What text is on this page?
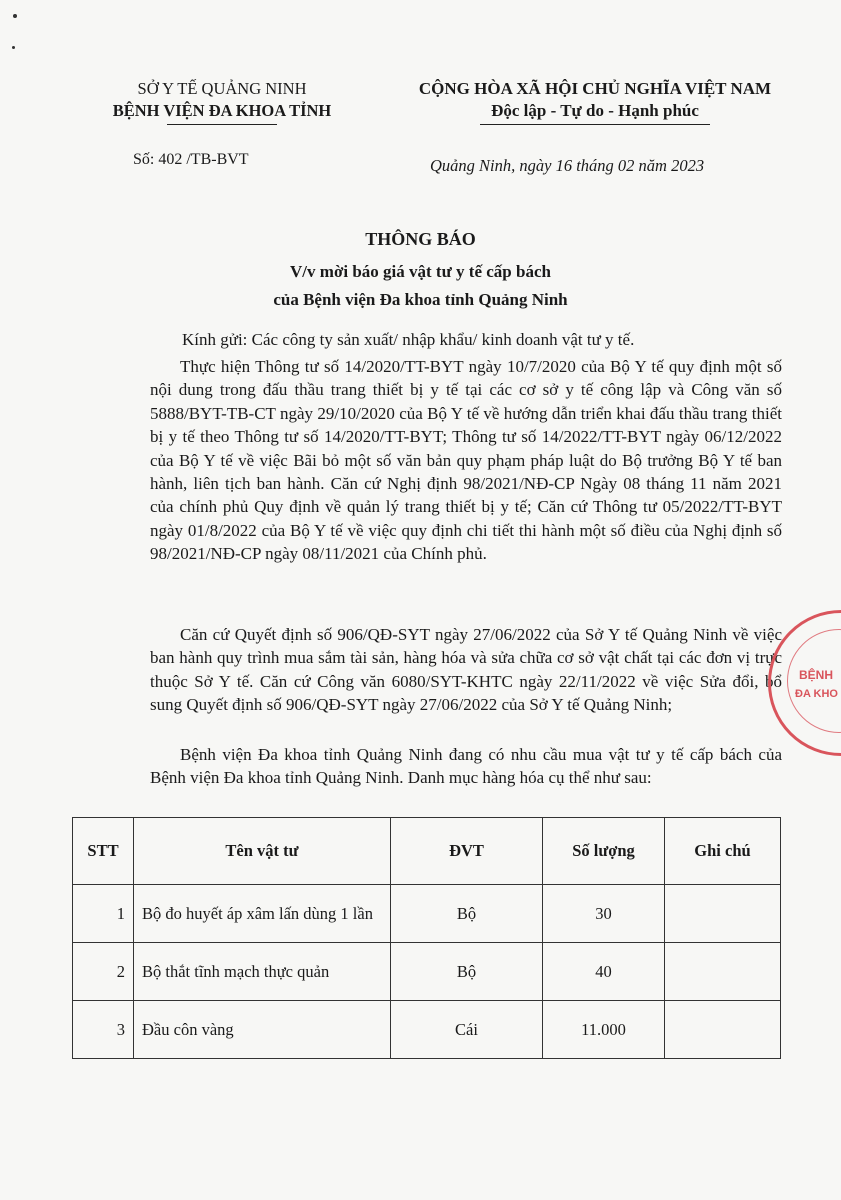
SỞ Y TẾ QUẢNG NINH
BỆNH VIỆN ĐA KHOA TỈNH
CỘNG HÒA XÃ HỘI CHỦ NGHĨA VIỆT NAM
Độc lập - Tự do - Hạnh phúc
Số: 402 /TB-BVT	Quảng Ninh, ngày 16 tháng 02 năm 2023
THÔNG BÁO
V/v mời báo giá vật tư y tế cấp bách
của Bệnh viện Đa khoa tỉnh Quảng Ninh
Kính gửi: Các công ty sản xuất/ nhập khẩu/ kinh doanh vật tư y tế.

Thực hiện Thông tư số 14/2020/TT-BYT ngày 10/7/2020 của Bộ Y tế quy định một số nội dung trong đấu thầu trang thiết bị y tế tại các cơ sở y tế công lập và Công văn số 5888/BYT-TB-CT ngày 29/10/2020 của Bộ Y tế về hướng dẫn triển khai đấu thầu trang thiết bị y tế theo Thông tư số 14/2020/TT-BYT; Thông tư số 14/2022/TT-BYT ngày 06/12/2022 của Bộ Y tế về việc Bãi bỏ một số văn bản quy phạm pháp luật do Bộ trưởng Bộ Y tế ban hành, liên tịch ban hành. Căn cứ Nghị định 98/2021/NĐ-CP Ngày 08 tháng 11 năm 2021 của chính phủ Quy định về quản lý trang thiết bị y tế; Căn cứ Thông tư 05/2022/TT-BYT ngày 01/8/2022 của Bộ Y tế về việc quy định chi tiết thi hành một số điều của Nghị định số 98/2021/NĐ-CP ngày 08/11/2021 của Chính phủ.

Căn cứ Quyết định số 906/QĐ-SYT ngày 27/06/2022 của Sở Y tế Quảng Ninh về việc ban hành quy trình mua sắm tài sản, hàng hóa và sửa chữa cơ sở vật chất tại các đơn vị trực thuộc Sở Y tế. Căn cứ Công văn 6080/SYT-KHTC ngày 22/11/2022 về việc Sửa đổi, bổ sung Quyết định số 906/QĐ-SYT ngày 27/06/2022 của Sở Y tế Quảng Ninh;

Bệnh viện Đa khoa tỉnh Quảng Ninh đang có nhu cầu mua vật tư y tế cấp bách của Bệnh viện Đa khoa tỉnh Quảng Ninh. Danh mục hàng hóa cụ thể như sau:

STT	Tên vật tư	ĐVT	Số lượng	Ghi chú
1	Bộ đo huyết áp xâm lấn dùng 1 lần	Bộ	30	
2	Bộ thắt tĩnh mạch thực quản	Bộ	40	
3	Đầu côn vàng	Cái	11.000	
BỆNH
ĐA KHO
